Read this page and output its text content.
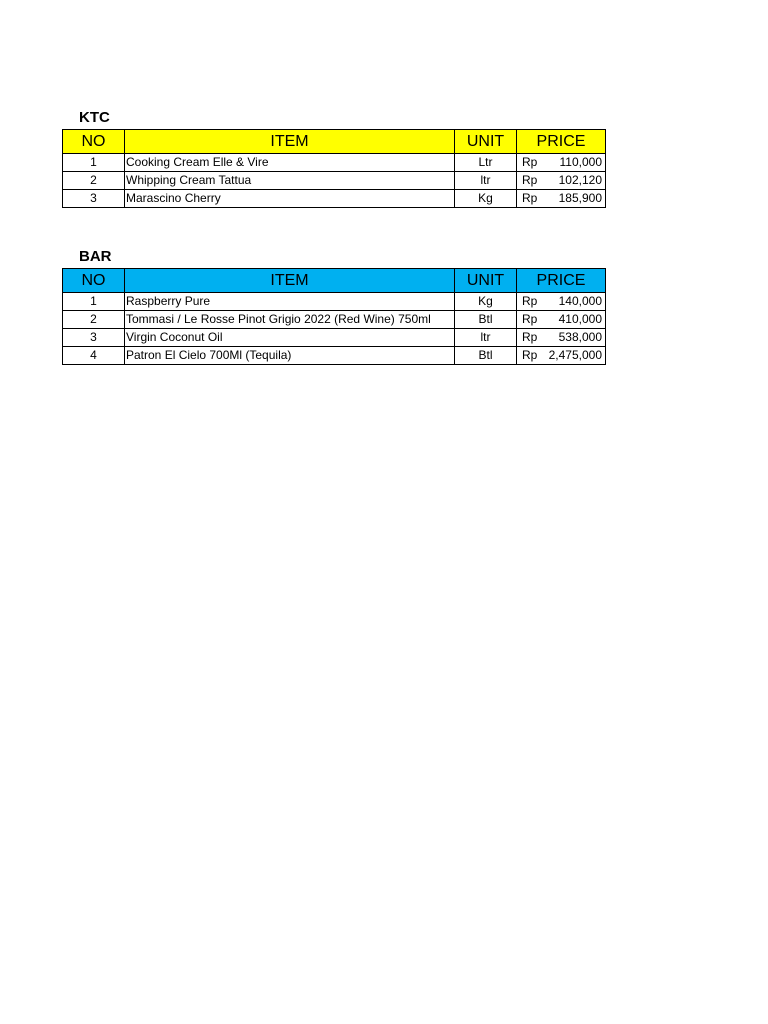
KTC
NO	ITEM	UNIT	PRICE
1	Cooking Cream Elle & Vire	Ltr	Rp 110,000

2	Whipping Cream Tattua	ltr	Rp 102,120

3	Marascino Cherry	Kg	Rp 185,900
BAR
NO	ITEM	UNIT	PRICE
1	Raspberry Pure	Kg	Rp 140,000

2	Tommasi / Le Rosse Pinot Grigio 2022 (Red Wine) 750ml	Btl	Rp 410,000

3	Virgin Coconut Oil	ltr	Rp 538,000

4	Patron El Cielo 700Ml (Tequila)	Btl	Rp 2,475,000
